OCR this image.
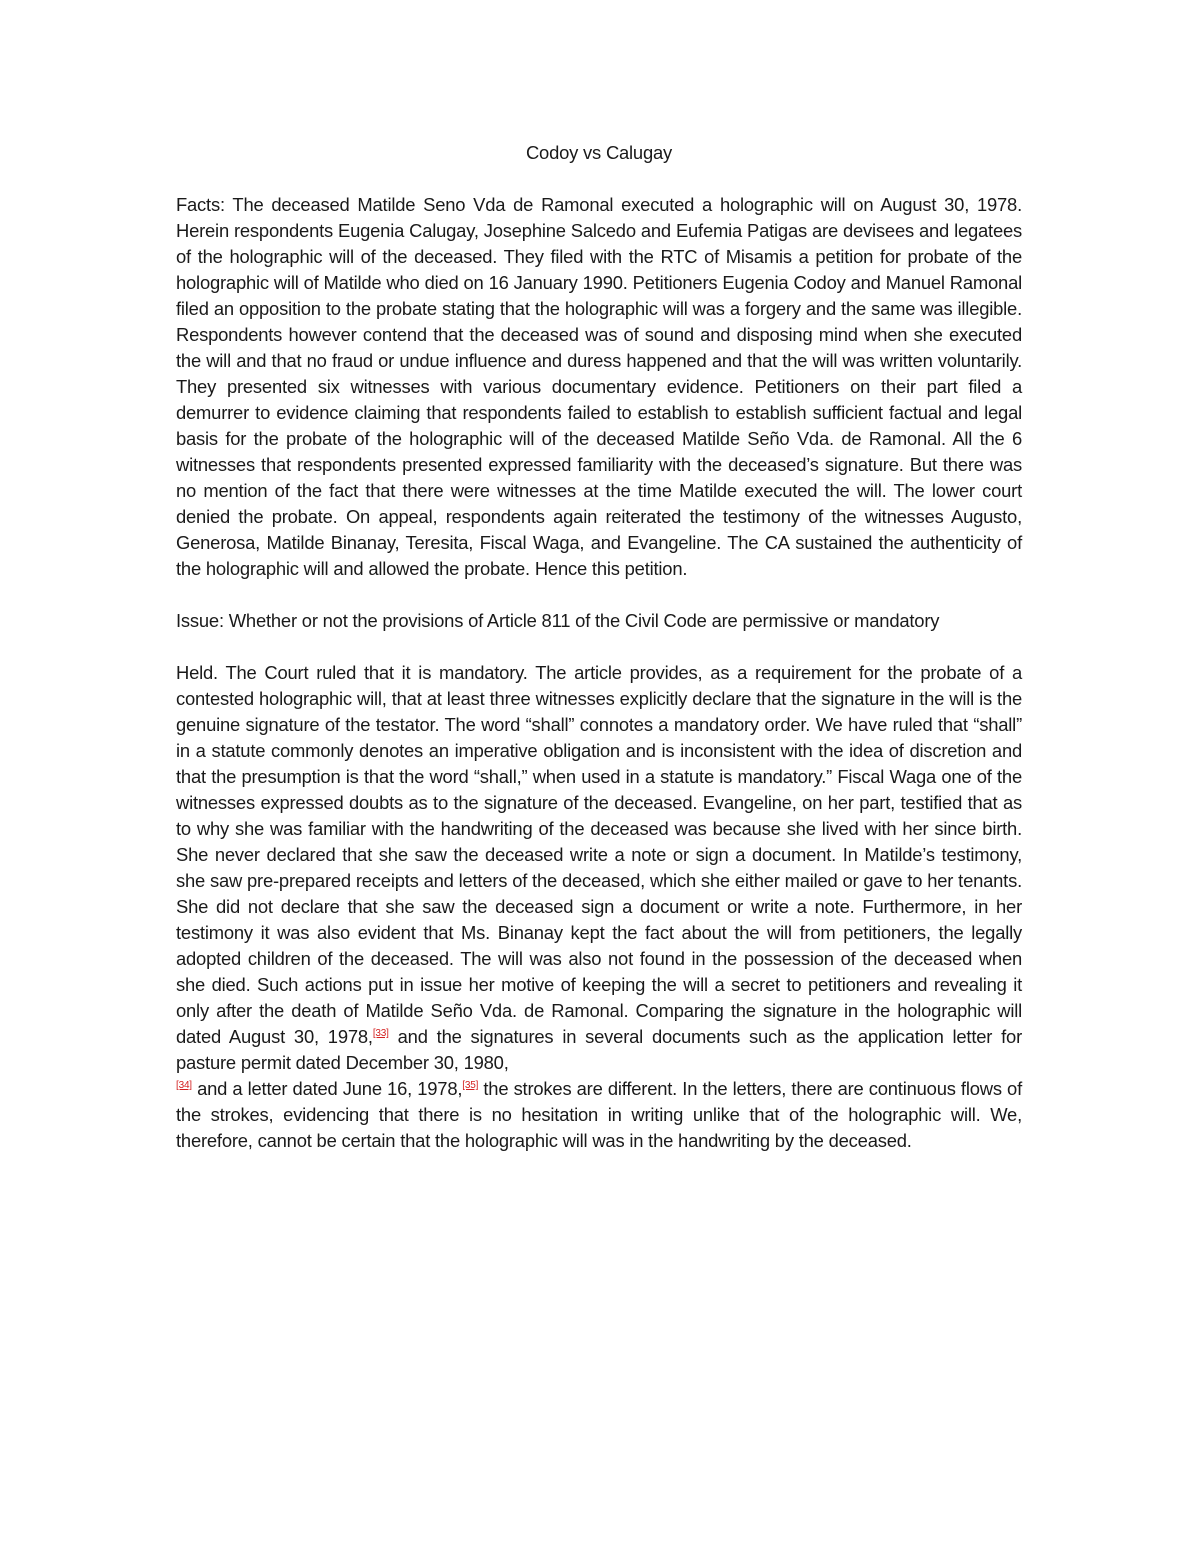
Codoy vs Calugay

Facts: The deceased Matilde Seno Vda de Ramonal executed a holographic will on August 30, 1978. Herein respondents Eugenia Calugay, Josephine Salcedo and Eufemia Patigas are devisees and legatees of the holographic will of the deceased. They filed with the RTC of Misamis a petition for probate of the holographic will of Matilde who died on 16 January 1990. Petitioners Eugenia Codoy and Manuel Ramonal filed an opposition to the probate stating that the holographic will was a forgery and the same was illegible. Respondents however contend that the deceased was of sound and disposing mind when she executed the will and that no fraud or undue influence and duress happened and that the will was written voluntarily. They presented six witnesses with various documentary evidence. Petitioners on their part filed a demurrer to evidence claiming that respondents failed to establish to establish sufficient factual and legal basis for the probate of the holographic will of the deceased Matilde Seño Vda. de Ramonal. All the 6 witnesses that respondents presented expressed familiarity with the deceased’s signature. But there was no mention of the fact that there were witnesses at the time Matilde executed the will. The lower court denied the probate. On appeal, respondents again reiterated the testimony of the witnesses Augusto, Generosa, Matilde Binanay, Teresita, Fiscal Waga, and Evangeline. The CA sustained the authenticity of the holographic will and allowed the probate. Hence this petition.

Issue: Whether or not the provisions of Article 811 of the Civil Code are permissive or mandatory

Held. The Court ruled that it is mandatory. The article provides, as a requirement for the probate of a contested holographic will, that at least three witnesses explicitly declare that the signature in the will is the genuine signature of the testator. The word “shall” connotes a mandatory order. We have ruled that “shall” in a statute commonly denotes an imperative obligation and is inconsistent with the idea of discretion and that the presumption is that the word “shall,” when used in a statute is mandatory.” Fiscal Waga one of the witnesses expressed doubts as to the signature of the deceased. Evangeline, on her part, testified that as to why she was familiar with the handwriting of the deceased was because she lived with her since birth. She never declared that she saw the deceased write a note or sign a document. In Matilde’s testimony, she saw pre-prepared receipts and letters of the deceased, which she either mailed or gave to her tenants. She did not declare that she saw the deceased sign a document or write a note. Furthermore, in her testimony it was also evident that Ms. Binanay kept the fact about the will from petitioners, the legally adopted children of the deceased. The will was also not found in the possession of the deceased when she died. Such actions put in issue her motive of keeping the will a secret to petitioners and revealing it only after the death of Matilde Seño Vda. de Ramonal. Comparing the signature in the holographic will dated August 30, 1978,[33] and the signatures in several documents such as the application letter for pasture permit dated December 30, 1980,
[34] and a letter dated June 16, 1978,[35] the strokes are different. In the letters, there are continuous flows of the strokes, evidencing that there is no hesitation in writing unlike that of the holographic will. We, therefore, cannot be certain that the holographic will was in the handwriting by the deceased.
